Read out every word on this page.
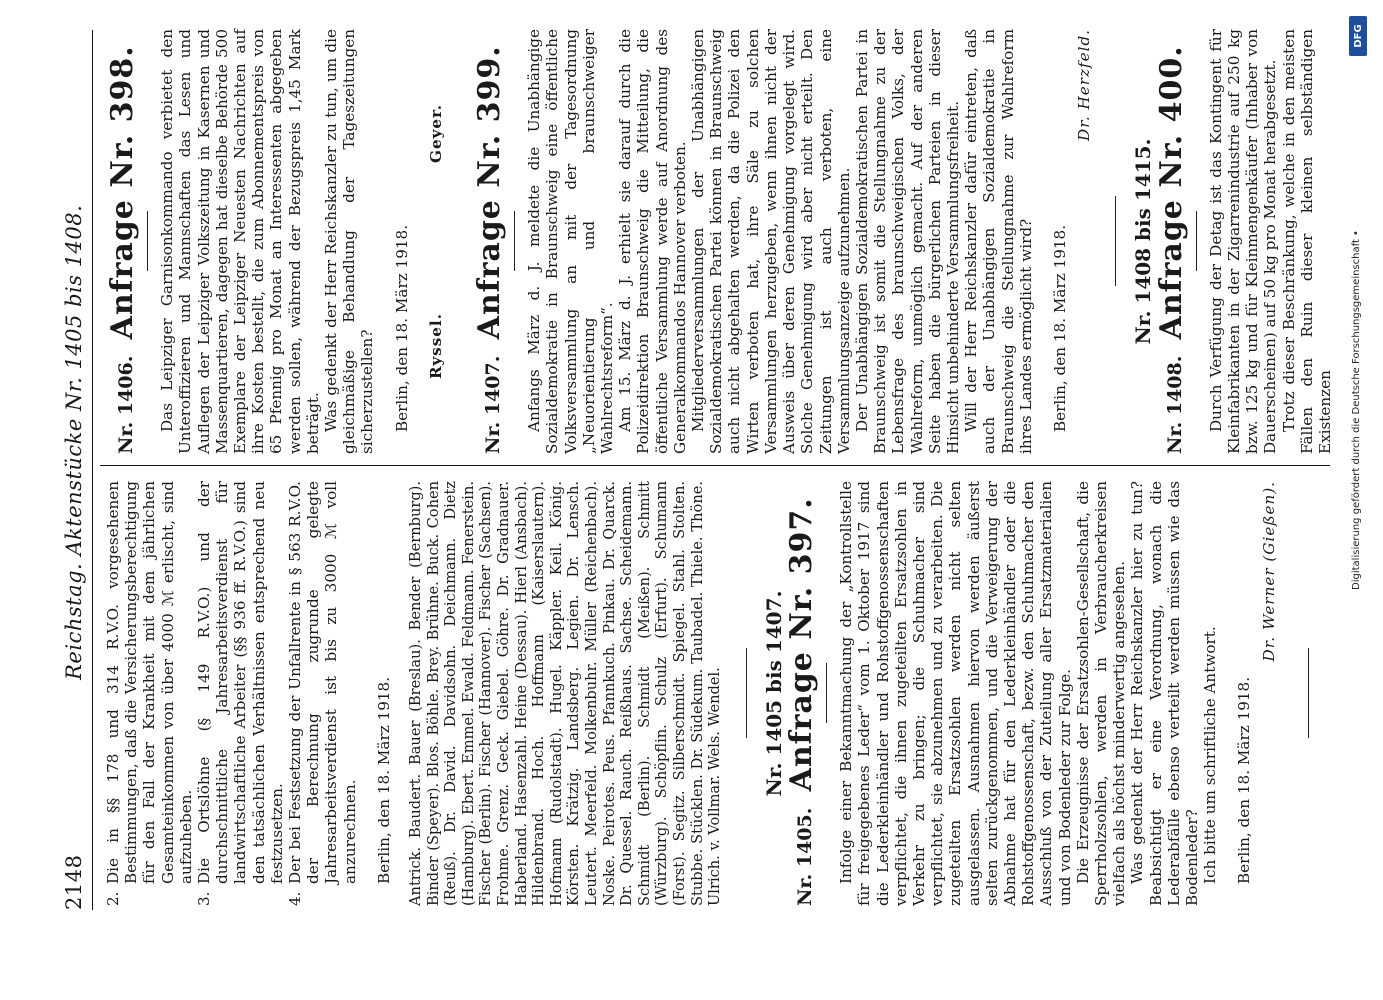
2148
Reichstag. Aktenstücke Nr. 1405 bis 1408.
2.
Die in §§ 178 und 314 R.V.O. vorgesehenen Bestimmungen, daß die Versicherungsberechtigung für den Fall der Krankheit mit dem jährlichen Gesamteinkommen von über 4000 ℳ erlischt, sind aufzuheben.
3.
Die Ortslöhne (§ 149 R.V.O.) und der durchschnittliche Jahresarbeitsverdienst für landwirtschaftliche Arbeiter (§§ 936 ff. R.V.O.) sind den tatsächlichen Verhältnissen entsprechend neu festzusetzen.
4.
Der bei Festsetzung der Unfallrente in § 563 R.V.O. der Berechnung zugrunde gelegte Jahresarbeitsverdienst ist bis zu 3000 ℳ voll anzurechnen. Berlin, den 18. März 1918. Antrick. Baudert. Bauer (Breslau). Bender (Bernburg). Binder (Speyer). Blos. Böhle. Brey. Brühne. Buck. Cohen (Reuß). Dr. David. Davidsohn. Deichmann. Dietz (Hamburg). Ebert. Emmel. Ewald. Feldmann. Fenerstein. Fischer (Berlin). Fischer (Hannover). Fischer (Sachsen). Frohme. Grenz. Geck. Giebel. Göhre. Dr. Gradnauer. Haberland. Hasenzahl. Heine (Dessau). Hierl (Ansbach). Hildenbrand. Hoch. Hoffmann (Kaiserslautern). Hofmann (Rudolstadt). Hugel. Käppler. Keil. König. Körsten. Krätzig. Landsberg. Legien. Dr. Lensch. Leutert. Meerfeld. Molkenbuhr. Müller (Reichenbach). Noske. Peirotes. Peus. Pfannkuch. Pinkau. Dr. Quarck. Dr. Quessel. Rauch. Reißhaus. Sachse. Scheidemann. Schmidt (Berlin). Schmidt (Meißen). Schmitt (Würzburg). Schöpflin. Schulz (Erfurt). Schumann (Forst). Segitz. Silberschmidt. Spiegel. Stahl. Stolten. Stubbe. Stücklen. Dr. Südekum. Taubadel. Thiele. Thöne. Ulrich. v. Vollmar. Wels. Wendel. Nr. 1405 bis 1407.
Nr. 1405.
Anfrage Nr. 397. Infolge einer Bekanntmachung der „Kontrollstelle für freigegebenes Leder“ vom 1. Oktober 1917 sind die Lederkleinhändler und Rohstoffgenossenschaften verpflichtet, die ihnen zugeteilten Ersatzsohlen in Verkehr zu bringen; die Schuhmacher sind verpflichtet, sie abzunehmen und zu verarbeiten. Die zugeteilten Ersatzsohlen werden nicht selten ausgelassen. Ausnahmen hiervon werden äußerst selten zurückgenommen, und die Verweigerung der Abnahme hat für den Lederkleinhändler oder die Rohstoffgenossenschaft, bezw. den Schuhmacher den Ausschluß von der Zuteilung aller Ersatzmaterialien und von Bodenleder zur Folge. Die Erzeugnisse der Ersatzsohlen-Gesellschaft, die Sperrholzsohlen, werden in Verbraucherkreisen vielfach als höchst minderwertig angesehen. Was gedenkt der Herr Reichskanzler hier zu tun? Beabsichtigt er eine Verordnung, wonach die Lederabfälle ebenso verteilt werden müssen wie das Bodenleder? Ich bitte um schriftliche Antwort. Berlin, den 18. März 1918.

Dr. Werner (Gießen).

Nr. 1406.
Anfrage Nr. 398. Das Leipziger Garnisonkommando verbietet den Unteroffizieren und Mannschaften das Lesen und Auflegen der Leipziger Volkszeitung in Kasernen und Massenquartieren, dagegen hat dieselbe Behörde 500 Exemplare der Leipziger Neuesten Nachrichten auf ihre Kosten bestellt, die zum Abonnementspreis von 65 Pfennig pro Monat an Interessenten abgegeben werden sollen, während der Bezugspreis 1,45 Mark beträgt. Was gedenkt der Herr Reichskanzler zu tun, um die gleichmäßige Behandlung der Tageszeitungen sicherzustellen? Berlin, den 18. März 1918. Ryssel.
Geyer.
Nr. 1407.
Anfrage Nr. 399. Anfangs März d. J. meldete die Unabhängige Sozialdemokratie in Braunschweig eine öffentliche Volksversammlung an mit der Tagesordnung „Neuorientierung und braunschweiger Wahlrechtsreform“. Am 15. März d. J. erhielt sie darauf durch die Polizeidirektion Braunschweig die Mitteilung, die öffentliche Versammlung werde auf Anordnung des Generalkommandos Hannover verboten. Mitgliederversammlungen der Unabhängigen Sozialdemokratischen Partei können in Braunschweig auch nicht abgehalten werden, da die Polizei den Wirten verboten hat, ihre Säle zu solchen Versammlungen herzugeben, wenn ihnen nicht der Ausweis über deren Genehmigung vorgelegt wird. Solche Genehmigung wird aber nicht erteilt. Den Zeitungen ist auch verboten, eine Versammlungsanzeige aufzunehmen. Der Unabhängigen Sozialdemokratischen Partei in Braunschweig ist somit die Stellungnahme zu der Lebensfrage des braunschweigischen Volks, der Wahlreform, unmöglich gemacht. Auf der anderen Seite haben die bürgerlichen Parteien in dieser Hinsicht unbehinderte Versammlungsfreiheit. Will der Herr Reichskanzler dafür eintreten, daß auch der Unabhängigen Sozialdemokratie in Braunschweig die Stellungnahme zur Wahlreform ihres Landes ermöglicht wird? Berlin, den 18. März 1918.

Dr. Herzfeld.

Nr. 1408 bis 1415.
Nr. 1408.
Anfrage Nr. 400. Durch Verfügung der Detag ist das Kontingent für Kleinfabrikanten in der Zigarrenindustrie auf 250 kg bzw. 125 kg und für Kleinmengenkäufer (Inhaber von Dauerscheinen) auf 50 kg pro Monat herabgesetzt. Trotz dieser Beschränkung, welche in den meisten Fällen den Ruin dieser kleinen selbständigen Existenzen Digitalisierung gefördert durch die Deutsche Forschungsgemeinschaft •
DFG
